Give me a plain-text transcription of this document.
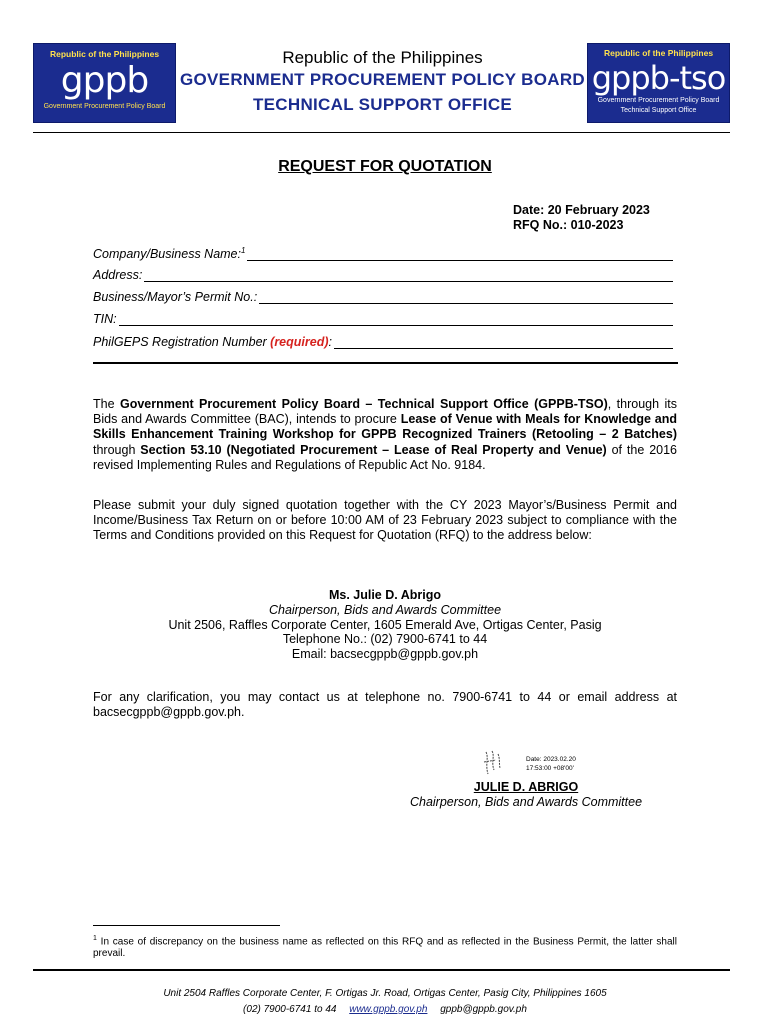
Republic of the Philippines
gppb
Government Procurement Policy Board
Republic of the Philippines
GOVERNMENT PROCUREMENT POLICY BOARD
TECHNICAL SUPPORT OFFICE
Republic of the Philippines
gppb-tso
Government Procurement Policy Board
Technical Support Office
REQUEST FOR QUOTATION
Date: 20 February 2023
RFQ No.: 010-2023
Company/Business Name:$^1$
Address:
Business/Mayor’s Permit No.:
TIN:
PhilGEPS Registration Number (required):
The Government Procurement Policy Board – Technical Support Office (GPPB-TSO), through its Bids and Awards Committee (BAC), intends to procure Lease of Venue with Meals for Knowledge and Skills Enhancement Training Workshop for GPPB Recognized Trainers (Retooling – 2 Batches) through Section 53.10 (Negotiated Procurement – Lease of Real Property and Venue) of the 2016 revised Implementing Rules and Regulations of Republic Act No. 9184.
Please submit your duly signed quotation together with the CY 2023 Mayor’s/Business Permit and Income/Business Tax Return on or before 10:00 AM of 23 February 2023 subject to compliance with the Terms and Conditions provided on this Request for Quotation (RFQ) to the address below:
Ms. Julie D. Abrigo
Chairperson, Bids and Awards Committee
Unit 2506, Raffles Corporate Center, 1605 Emerald Ave, Ortigas Center, Pasig
Telephone No.: (02) 7900-6741 to 44
Email: bacsecgppb@gppb.gov.ph
For any clarification, you may contact us at telephone no. 7900-6741 to 44 or email address at bacsecgppb@gppb.gov.ph.
Date: 2023.02.20
17:53:00 +08'00'
JULIE D. ABRIGO
Chairperson, Bids and Awards Committee
$^1$ In case of discrepancy on the business name as reflected on this RFQ and as reflected in the Business Permit, the latter shall prevail.
Unit 2504 Raffles Corporate Center, F. Ortigas Jr. Road, Ortigas Center, Pasig City, Philippines 1605
(02) 7900-6741 to 44 www.gppb.gov.ph gppb@gppb.gov.ph
